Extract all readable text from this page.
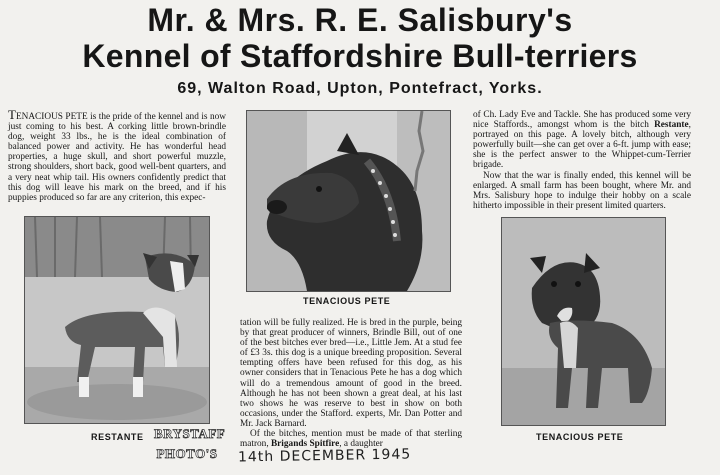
Mr. & Mrs. R. E. Salisbury's
Kennel of Staffordshire Bull-terriers
69, Walton Road, Upton, Pontefract, Yorks.

TENACIOUS PETE is the pride of the kennel and is now just coming to his best. A corking little brown-brindle dog, weight 33 lbs., he is the ideal combination of balanced power and activity. He has wonderful head properties, a huge skull, and short powerful muzzle, strong shoulders, short back, good well-bent quarters, and a very neat whip tail. His owners confidently predict that this dog will leave his mark on the breed, and if his puppies produced so far are any criterion, this expec-

tation will be fully realized. He is bred in the purple, being by that great producer of winners, Brindle Bill, out of one of the best bitches ever bred—i.e., Little Jem. At a stud fee of £3 3s. this dog is a unique breeding proposition. Several tempting offers have been refused for this dog, as his owner considers that in Tenacious Pete he has a dog which will do a tremendous amount of good in the breed. Although he has not been shown a great deal, at his last two shows he was reserve to best in show on both occasions, under the Stafford. experts, Mr. Dan Potter and Mr. Jack Barnard.

Of the bitches, mention must be made of that sterling matron, Brigands Spitfire, a daughter

of Ch. Lady Eve and Tackle. She has produced some very nice Staffords., amongst whom is the bitch Restante, portrayed on this page. A lovely bitch, although very powerfully built—she can get over a 6-ft. jump with ease; she is the perfect answer to the Whippet-cum-Terrier brigade.

Now that the war is finally ended, this kennel will be enlarged. A small farm has been bought, where Mr. and Mrs. Salisbury hope to indulge their hobby on a scale hitherto impossible in their present limited quarters.

RESTANTE
TENACIOUS PETE
TENACIOUS PETE
BRYSTAFF
PHOTO'S 14th DECEMBER 1945
